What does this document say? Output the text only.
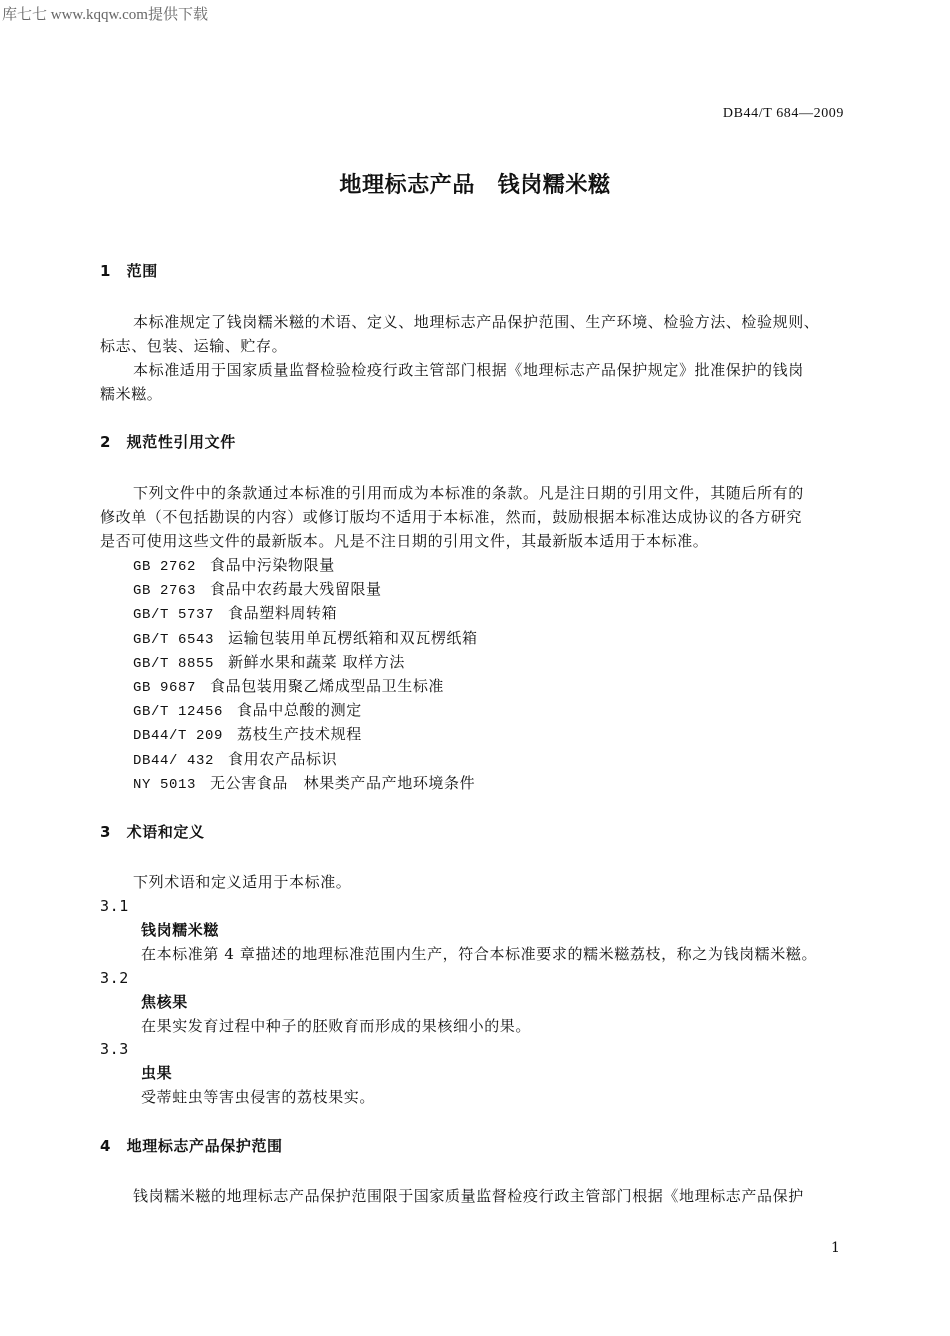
库七七 www.kqqw.com提供下载
DB44/T 684—2009
地理标志产品　钱岗糯米糍
1　范围
本标准规定了钱岗糯米糍的术语、定义、地理标志产品保护范围、生产环境、检验方法、检验规则、
标志、包装、运输、贮存。
本标准适用于国家质量监督检验检疫行政主管部门根据《地理标志产品保护规定》批准保护的钱岗
糯米糍。
2　规范性引用文件
下列文件中的条款通过本标准的引用而成为本标准的条款。凡是注日期的引用文件，其随后所有的
修改单（不包括勘误的内容）或修订版均不适用于本标准，然而，鼓励根据本标准达成协议的各方研究
是否可使用这些文件的最新版本。凡是不注日期的引用文件，其最新版本适用于本标准。
GB 2762 食品中污染物限量
GB 2763 食品中农药最大残留限量
GB/T 5737 食品塑料周转箱
GB/T 6543 运输包装用单瓦楞纸箱和双瓦楞纸箱
GB/T 8855 新鲜水果和蔬菜 取样方法
GB 9687 食品包装用聚乙烯成型品卫生标准
GB/T 12456 食品中总酸的测定
DB44/T 209 荔枝生产技术规程
DB44/ 432 食用农产品标识
NY 5013 无公害食品　林果类产品产地环境条件
3　术语和定义
下列术语和定义适用于本标准。
3.1
钱岗糯米糍
在本标准第 4 章描述的地理标准范围内生产，符合本标准要求的糯米糍荔枝，称之为钱岗糯米糍。
3.2
焦核果
在果实发育过程中种子的胚败育而形成的果核细小的果。
3.3
虫果
受蒂蛀虫等害虫侵害的荔枝果实。
4　地理标志产品保护范围
钱岗糯米糍的地理标志产品保护范围限于国家质量监督检疫行政主管部门根据《地理标志产品保护
1
